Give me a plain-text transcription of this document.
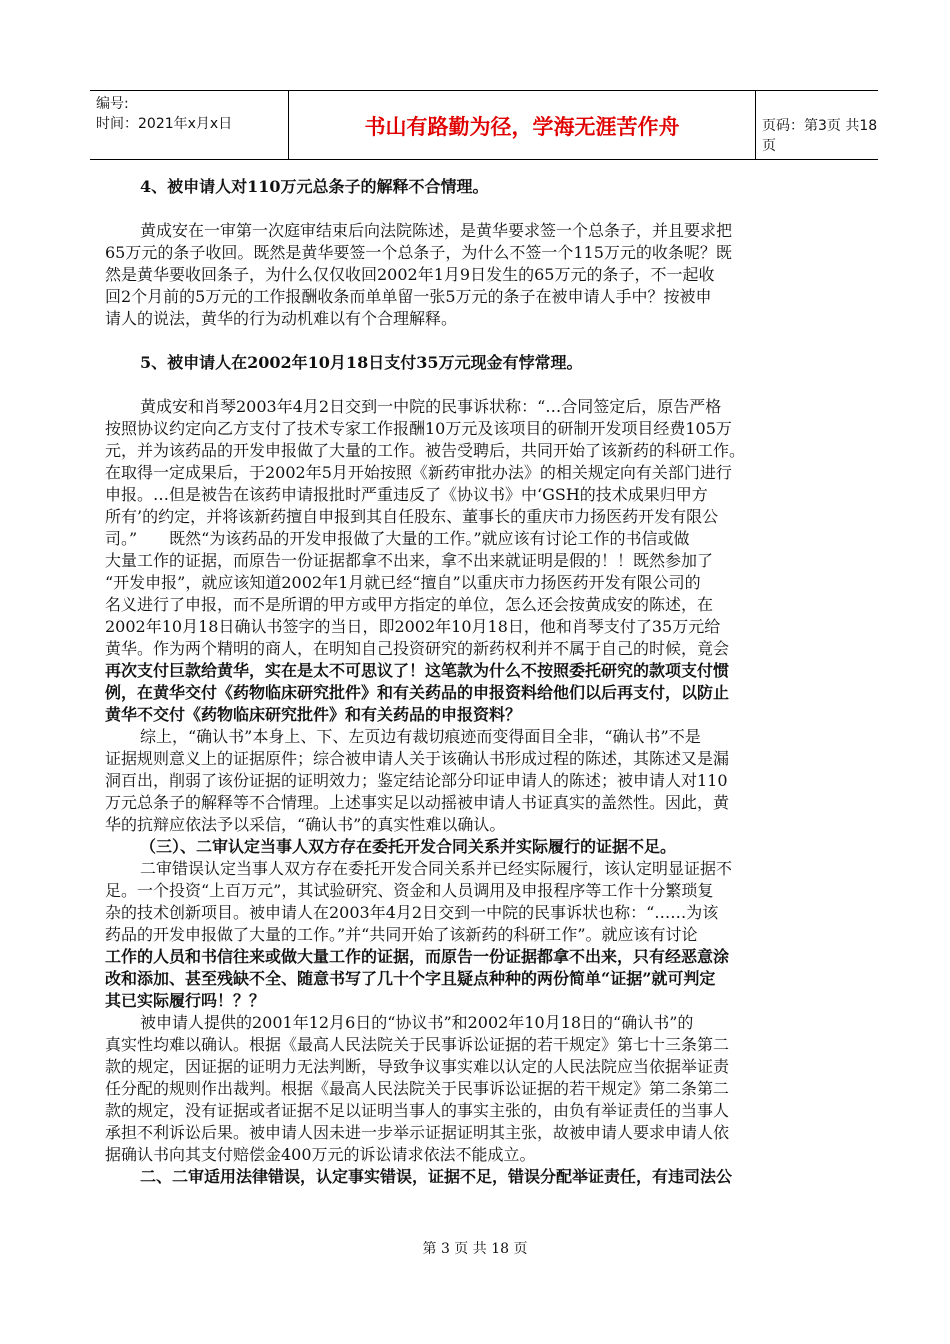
编号:
时间：2021年x月x日	书山有路勤为径，学海无涯苦作舟	页码：第3页 共18页

4、被申请人对110万元总条子的解释不合情理。

黄成安在一审第一次庭审结束后向法院陈述，是黄华要求签一个总条子，并且要求把

65万元的条子收回。既然是黄华要签一个总条子，为什么不签一个115万元的收条呢？既

然是黄华要收回条子，为什么仅仅收回2002年1月9日发生的65万元的条子，不一起收

回2个月前的5万元的工作报酬收条而单单留一张5万元的条子在被申请人手中？按被申

请人的说法，黄华的行为动机难以有个合理解释。

5、被申请人在2002年10月18日支付35万元现金有悖常理。

黄成安和肖琴2003年4月2日交到一中院的民事诉状称：“…合同签定后，原告严格

按照协议约定向乙方支付了技术专家工作报酬10万元及该项目的研制开发项目经费105万

元，并为该药品的开发申报做了大量的工作。被告受聘后，共同开始了该新药的科研工作。

在取得一定成果后，于2002年5月开始按照《新药审批办法》的相关规定向有关部门进行

申报。…但是被告在该药申请报批时严重违反了《协议书》中‘GSH的技术成果归甲方

所有’的约定，并将该新药擅自申报到其自任股东、董事长的重庆市力扬医药开发有限公

司。”　　既然“为该药品的开发申报做了大量的工作。”就应该有讨论工作的书信或做

大量工作的证据，而原告一份证据都拿不出来，拿不出来就证明是假的！！既然参加了

“开发申报”，就应该知道2002年1月就已经“擅自”以重庆市力扬医药开发有限公司的

名义进行了申报，而不是所谓的甲方或甲方指定的单位，怎么还会按黄成安的陈述，在

2002年10月18日确认书签字的当日，即2002年10月18日，他和肖琴支付了35万元给

黄华。作为两个精明的商人，在明知自己投资研究的新药权利并不属于自己的时候，竟会

再次支付巨款给黄华，实在是太不可思议了！这笔款为什么不按照委托研究的款项支付惯

例，在黄华交付《药物临床研究批件》和有关药品的申报资料给他们以后再支付，以防止

黄华不交付《药物临床研究批件》和有关药品的申报资料？

综上，“确认书”本身上、下、左页边有裁切痕迹而变得面目全非，“确认书”不是

证据规则意义上的证据原件；综合被申请人关于该确认书形成过程的陈述，其陈述又是漏

洞百出，削弱了该份证据的证明效力；鉴定结论部分印证申请人的陈述；被申请人对110

万元总条子的解释等不合情理。上述事实足以动摇被申请人书证真实的盖然性。因此，黄

华的抗辩应依法予以采信，“确认书”的真实性难以确认。

（三）、二审认定当事人双方存在委托开发合同关系并实际履行的证据不足。

二审错误认定当事人双方存在委托开发合同关系并已经实际履行，该认定明显证据不

足。一个投资“上百万元”，其试验研究、资金和人员调用及申报程序等工作十分繁琐复

杂的技术创新项目。被申请人在2003年4月2日交到一中院的民事诉状也称：“……为该

药品的开发申报做了大量的工作。”并“共同开始了该新药的科研工作”。就应该有讨论

工作的人员和书信往来或做大量工作的证据，而原告一份证据都拿不出来，只有经恶意涂

改和添加、甚至残缺不全、随意书写了几十个字且疑点种种的两份简单“证据”就可判定

其已实际履行吗！？？

被申请人提供的2001年12月6日的“协议书”和2002年10月18日的“确认书”的

真实性均难以确认。根据《最高人民法院关于民事诉讼证据的若干规定》第七十三条第二

款的规定，因证据的证明力无法判断，导致争议事实难以认定的人民法院应当依据举证责

任分配的规则作出裁判。根据《最高人民法院关于民事诉讼证据的若干规定》第二条第二

款的规定，没有证据或者证据不足以证明当事人的事实主张的，由负有举证责任的当事人

承担不利诉讼后果。被申请人因未进一步举示证据证明其主张，故被申请人要求申请人依

据确认书向其支付赔偿金400万元的诉讼请求依法不能成立。

二、二审适用法律错误，认定事实错误，证据不足，错误分配举证责任，有违司法公

第 3 页 共 18 页
